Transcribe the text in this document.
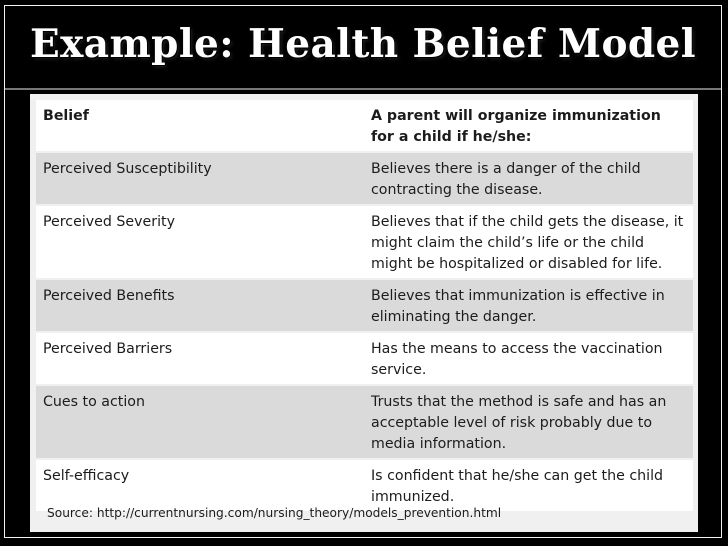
Example: Health Belief Model
Belief	A parent will organize immunization for a child if he/she:
Perceived Susceptibility	Believes there is a danger of the child contracting the disease.
Perceived Severity	Believes that if the child gets the disease, it might claim the child’s life or the child might be hospitalized or disabled for life.
Perceived Benefits	Believes that immunization is effective in eliminating the danger.
Perceived Barriers	Has the means to access the vaccination service.
Cues to action	Trusts that the method is safe and has an acceptable level of risk probably due to media information.
Self-efficacy	Is confident that he/she can get the child immunized.
Source: http://currentnursing.com/nursing_theory/models_prevention.html
